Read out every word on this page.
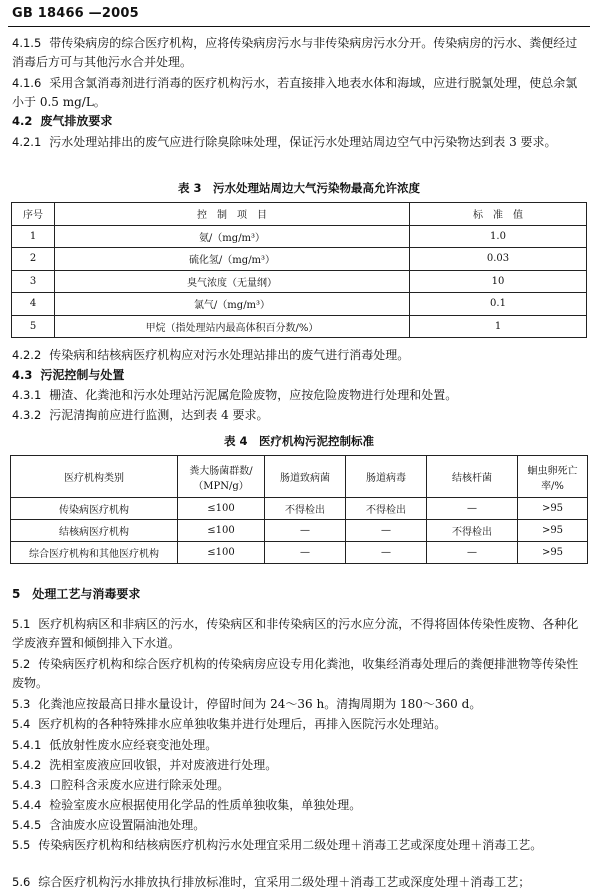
GB 18466 —2005

4.1.5 带传染病房的综合医疗机构，应将传染病房污水与非传染病房污水分开。传染病房的污水、粪便经过消毒后方可与其他污水合并处理。

4.1.6 采用含氯消毒剂进行消毒的医疗机构污水，若直接排入地表水体和海域，应进行脱氯处理，使总余氯小于 0.5 mg/L。

4.2 废气排放要求

4.2.1 污水处理站排出的废气应进行除臭除味处理，保证污水处理站周边空气中污染物达到表 3 要求。

表 3　污水处理站周边大气污染物最高允许浓度
序号	控　制　项　目	标　准　值
1	氨/（mg/m³）	1.0
2	硫化氢/（mg/m³）	0.03
3	臭气浓度（无量纲）	10
4	氯气/（mg/m³）	0.1
5	甲烷（指处理站内最高体积百分数/%）	1

4.2.2 传染病和结核病医疗机构应对污水处理站排出的废气进行消毒处理。

4.3 污泥控制与处置

4.3.1 栅渣、化粪池和污水处理站污泥属危险废物，应按危险废物进行处理和处置。

4.3.2 污泥清掏前应进行监测，达到表 4 要求。

表 4　医疗机构污泥控制标准
医疗机构类别	粪大肠菌群数/（MPN/g）	肠道致病菌	肠道病毒	结核杆菌	蛔虫卵死亡率/%
传染病医疗机构	≤100	不得检出	不得检出	—	>95
结核病医疗机构	≤100	—	—	不得检出	>95
综合医疗机构和其他医疗机构	≤100	—	—	—	>95

5　处理工艺与消毒要求

5.1 医疗机构病区和非病区的污水，传染病区和非传染病区的污水应分流，不得将固体传染性废物、各种化学废液弃置和倾倒排入下水道。

5.2 传染病医疗机构和综合医疗机构的传染病房应设专用化粪池，收集经消毒处理后的粪便排泄物等传染性废物。

5.3 化粪池应按最高日排水量设计，停留时间为 24～36 h。清掏周期为 180～360 d。

5.4 医疗机构的各种特殊排水应单独收集并进行处理后，再排入医院污水处理站。

5.4.1 低放射性废水应经衰变池处理。

5.4.2 洗相室废液应回收银，并对废液进行处理。

5.4.3 口腔科含汞废水应进行除汞处理。

5.4.4 检验室废水应根据使用化学品的性质单独收集，单独处理。

5.4.5 含油废水应设置隔油池处理。

5.5 传染病医疗机构和结核病医疗机构污水处理宜采用二级处理＋消毒工艺或深度处理＋消毒工艺。

5.6 综合医疗机构污水排放执行排放标准时，宜采用二级处理＋消毒工艺或深度处理＋消毒工艺；
